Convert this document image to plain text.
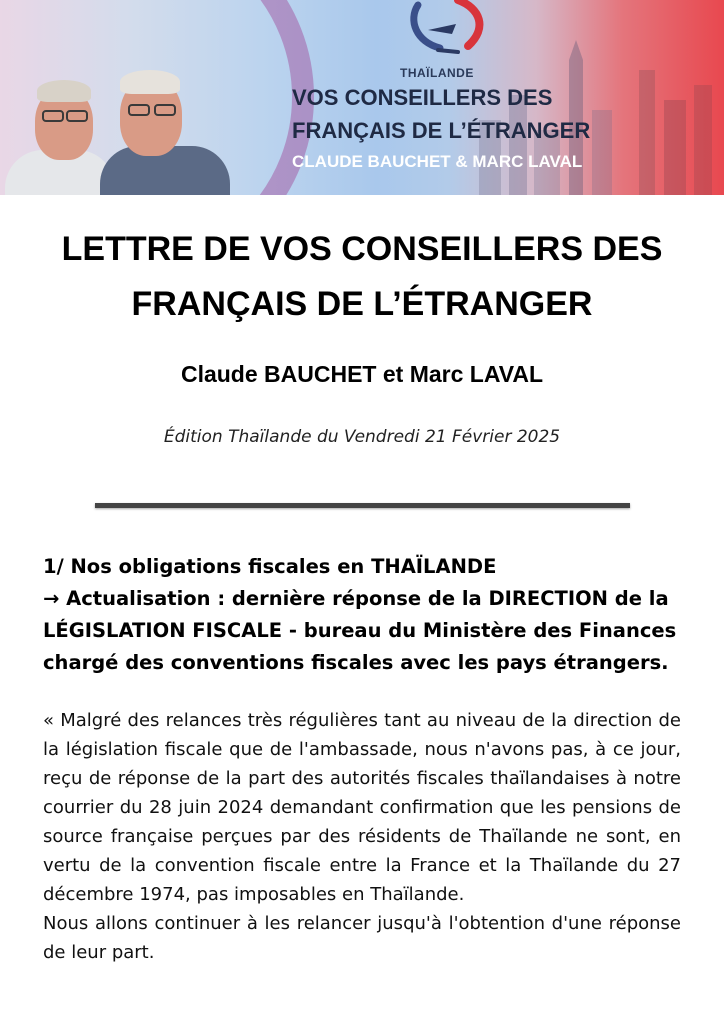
THAÏLANDE
VOS CONSEILLERS DES
FRANÇAIS DE L’ÉTRANGER
CLAUDE BAUCHET & MARC LAVAL
LETTRE DE VOS CONSEILLERS DES
FRANÇAIS DE L’ÉTRANGER
Claude BAUCHET et Marc LAVAL
Édition Thaïlande du Vendredi 21 Février 2025
1/ Nos obligations fiscales en THAÏLANDE
→ Actualisation : dernière réponse de la DIRECTION de la
LÉGISLATION FISCALE - bureau du Ministère des Finances
chargé des conventions fiscales avec les pays étrangers.

« Malgré des relances très régulières tant au niveau de la direction de la législation fiscale que de l'ambassade, nous n'avons pas, à ce jour, reçu de réponse de la part des autorités fiscales thaïlandaises à notre courrier du 28 juin 2024 demandant confirmation que les pensions de source française perçues par des résidents de Thaïlande ne sont, en vertu de la convention fiscale entre la France et la Thaïlande du 27 décembre 1974, pas imposables en Thaïlande.

Nous allons continuer à les relancer jusqu'à l'obtention d'une réponse de leur part.
